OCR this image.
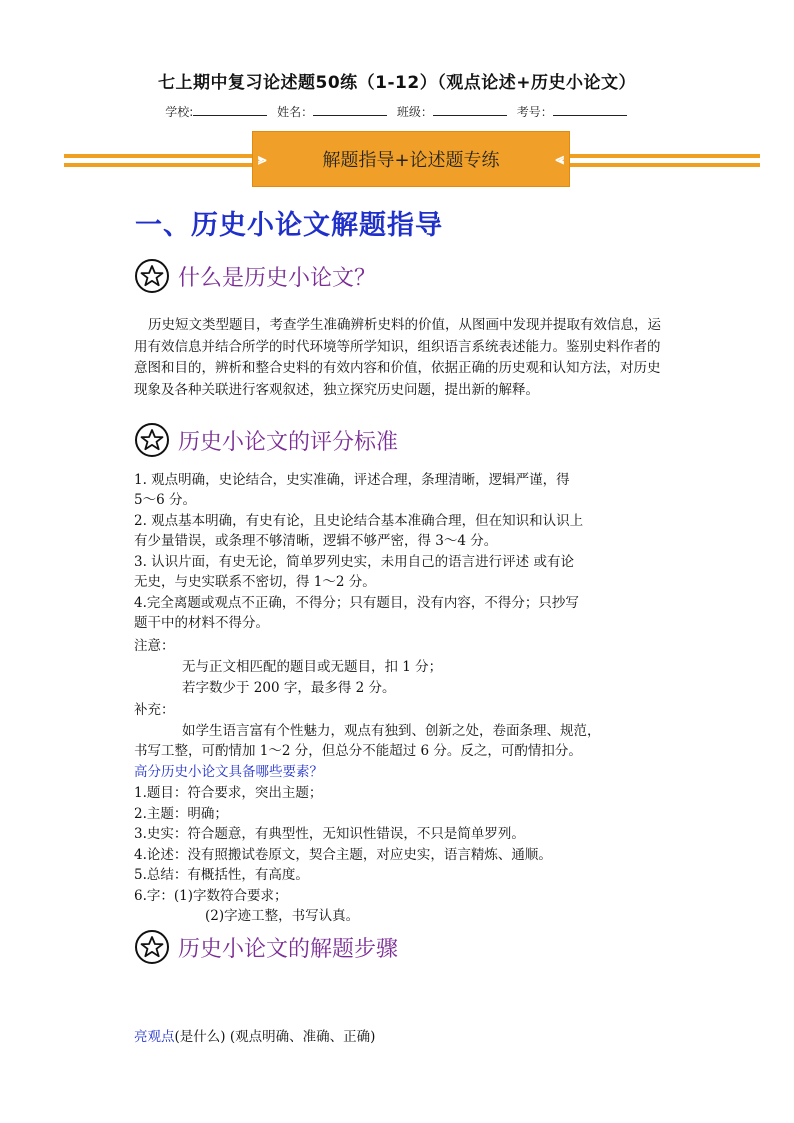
七上期中复习论述题50练（1-12）（观点论述+历史小论文）
学校:	姓名：	班级：	考号：
⪢	解题指导+论述题专练	⪡
一、历史小论文解题指导
什么是历史小论文？
历史短文类型题目，考查学生准确辨析史料的价值，从图画中发现并提取有效信息，运用有效信息并结合所学的时代环境等所学知识，组织语言系统表述能力。鉴别史料作者的意图和目的，辨析和整合史料的有效内容和价值，依据正确的历史观和认知方法，对历史现象及各种关联进行客观叙述，独立探究历史问题，提出新的解释。
历史小论文的评分标准
1. 观点明确，史论结合，史实准确，评述合理，条理清晰，逻辑严谨，得
5～6 分。
2. 观点基本明确，有史有论，且史论结合基本准确合理，但在知识和认识上
有少量错误，或条理不够清晰，逻辑不够严密，得 3～4 分。
3. 认识片面，有史无论，简单罗列史实，未用自己的语言进行评述 或有论
无史，与史实联系不密切，得 1～2 分。
4.完全离题或观点不正确，不得分；只有题目，没有内容，不得分；只抄写
题干中的材料不得分。
注意：
无与正文相匹配的题目或无题目，扣 1 分；
若字数少于 200 字，最多得 2 分。
补充：
如学生语言富有个性魅力，观点有独到、创新之处，卷面条理、规范，
书写工整，可酌情加 1～2 分，但总分不能超过 6 分。反之，可酌情扣分。
高分历史小论文具备哪些要素？
1.题目：符合要求，突出主题；
2.主题：明确；
3.史实：符合题意，有典型性，无知识性错误，不只是简单罗列。
4.论述：没有照搬试卷原文，契合主题，对应史实，语言精炼、通顺。
5.总结：有概括性，有高度。
6.字：(1)字数符合要求；
(2)字迹工整，书写认真。
历史小论文的解题步骤
亮观点(是什么) (观点明确、准确、正确)
